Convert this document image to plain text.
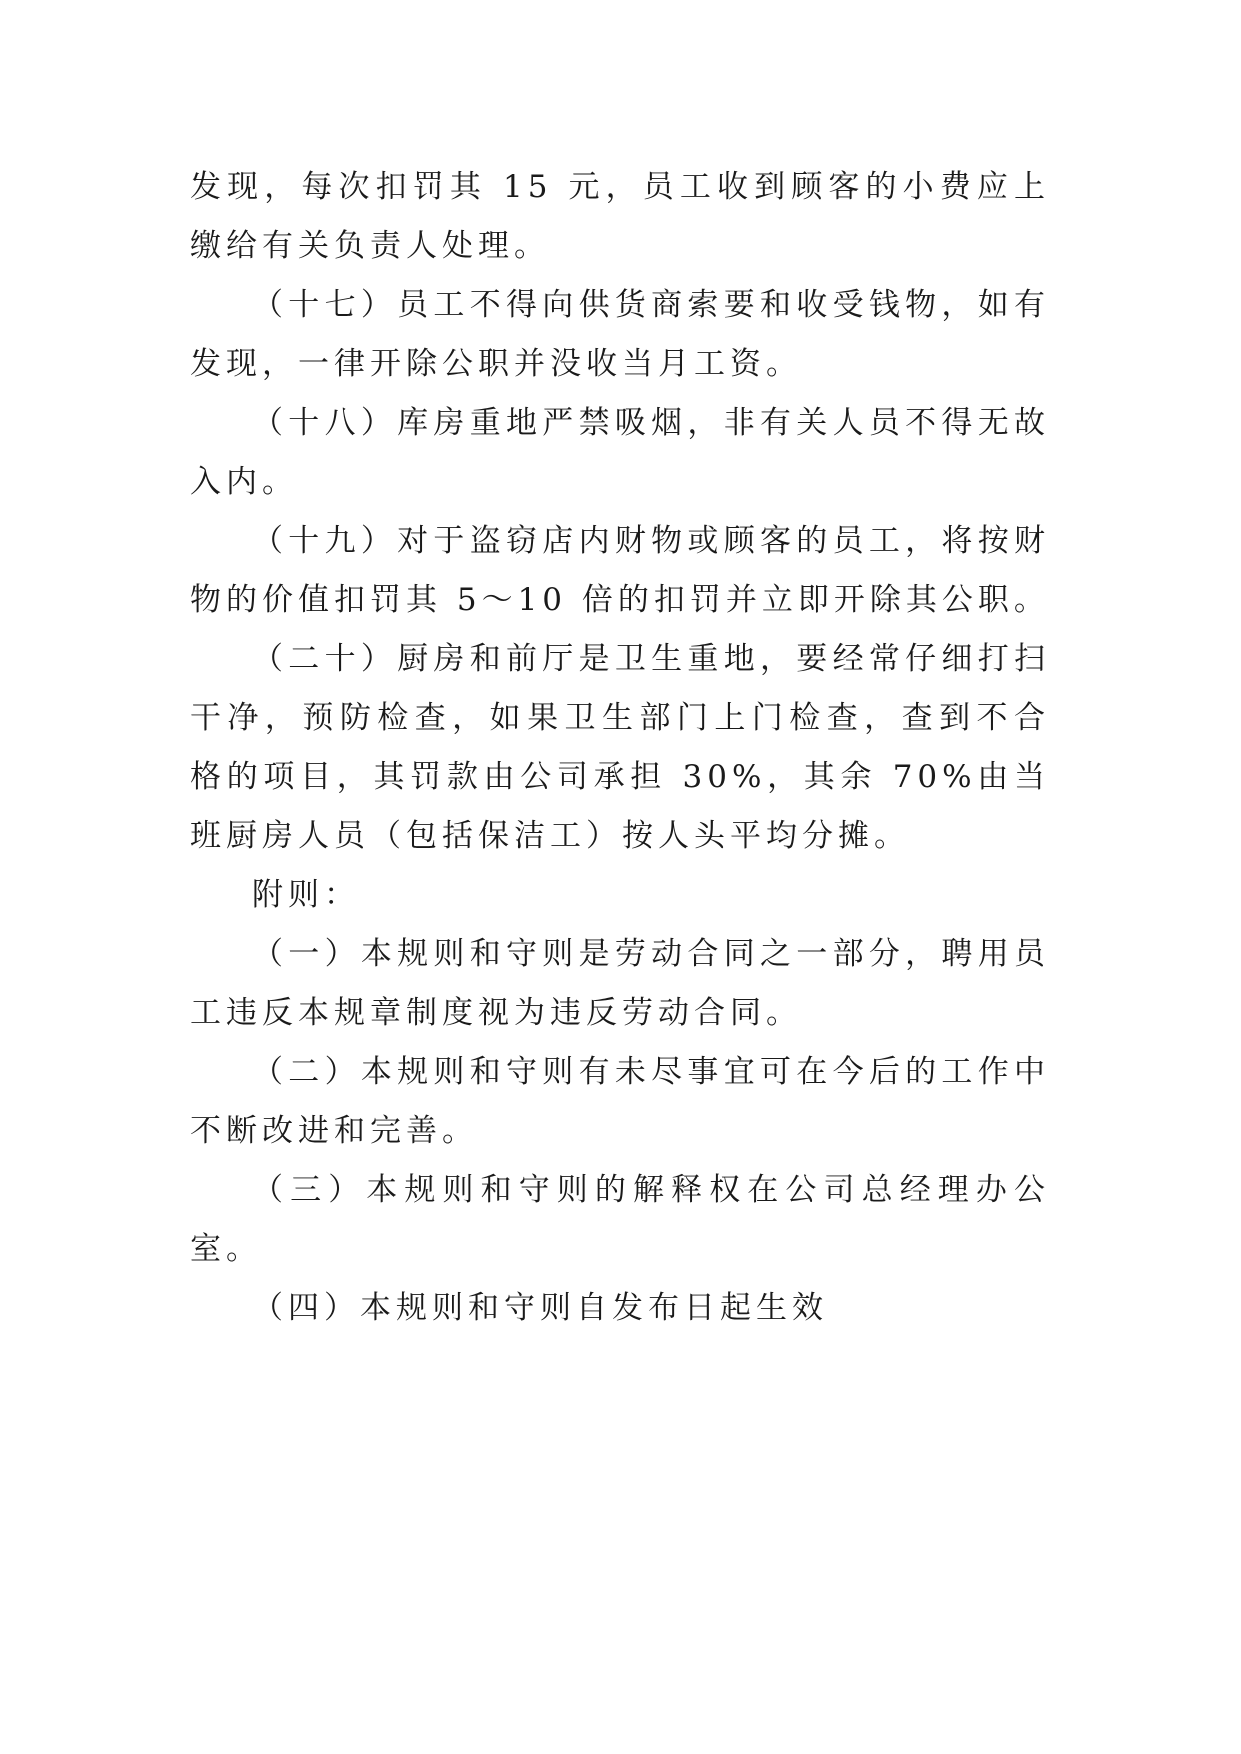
发现，每次扣罚其 15 元，员工收到顾客的小费应上缴给有关负责人处理。

（十七）员工不得向供货商索要和收受钱物，如有发现，一律开除公职并没收当月工资。

（十八）库房重地严禁吸烟，非有关人员不得无故入内。

（十九）对于盗窃店内财物或顾客的员工，将按财物的价值扣罚其 5～10 倍的扣罚并立即开除其公职。

（二十）厨房和前厅是卫生重地，要经常仔细打扫干净，预防检查，如果卫生部门上门检查，查到不合格的项目，其罚款由公司承担 30%，其余 70%由当班厨房人员（包括保洁工）按人头平均分摊。

附则：

（一）本规则和守则是劳动合同之一部分，聘用员工违反本规章制度视为违反劳动合同。

（二）本规则和守则有未尽事宜可在今后的工作中不断改进和完善。

（三）本规则和守则的解释权在公司总经理办公室。

（四）本规则和守则自发布日起生效
